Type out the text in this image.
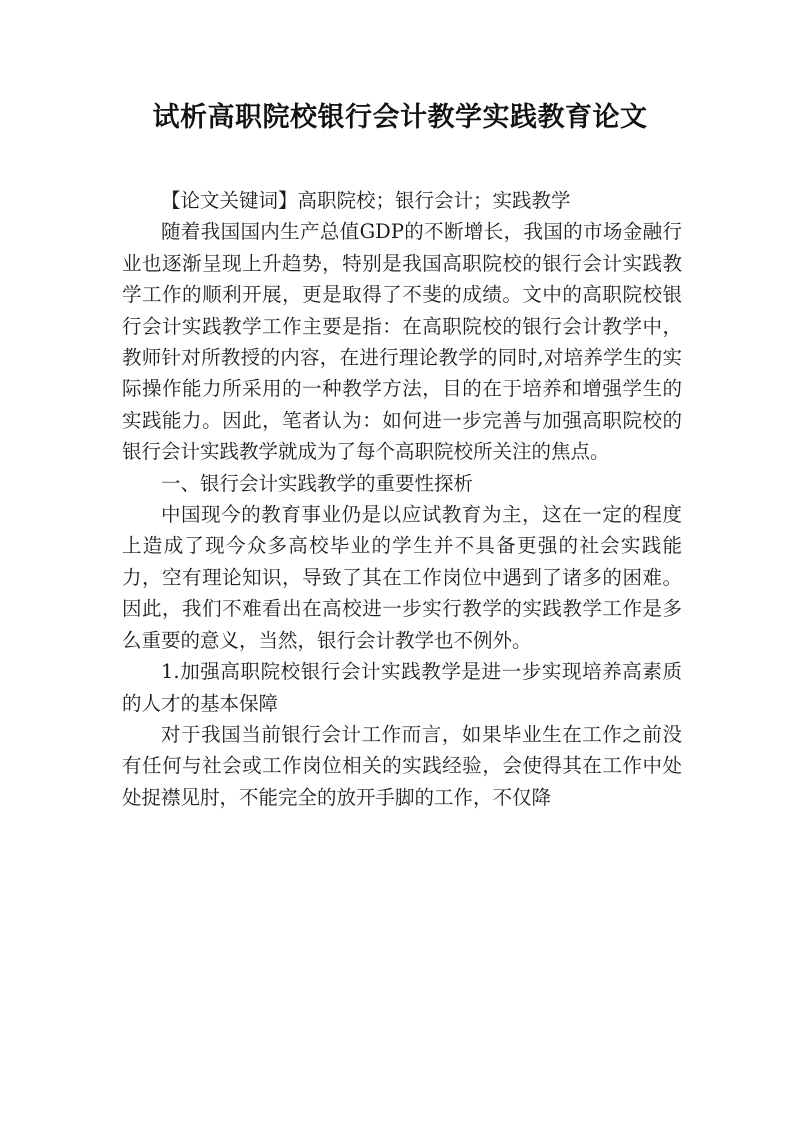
试析高职院校银行会计教学实践教育论文

【论文关键词】高职院校；银行会计；实践教学

随着我国国内生产总值GDP的不断增长，我国的市场金融行业也逐渐呈现上升趋势，特别是我国高职院校的银行会计实践教学工作的顺利开展，更是取得了不斐的成绩。文中的高职院校银行会计实践教学工作主要是指：在高职院校的银行会计教学中，教师针对所教授的内容，在进行理论教学的同时,对培养学生的实际操作能力所采用的一种教学方法，目的在于培养和增强学生的实践能力。因此，笔者认为：如何进一步完善与加强高职院校的银行会计实践教学就成为了每个高职院校所关注的焦点。

一、银行会计实践教学的重要性探析

中国现今的教育事业仍是以应试教育为主，这在一定的程度上造成了现今众多高校毕业的学生并不具备更强的社会实践能力，空有理论知识，导致了其在工作岗位中遇到了诸多的困难。因此，我们不难看出在高校进一步实行教学的实践教学工作是多么重要的意义，当然，银行会计教学也不例外。

1.加强高职院校银行会计实践教学是进一步实现培养高素质的人才的基本保障

对于我国当前银行会计工作而言，如果毕业生在工作之前没有任何与社会或工作岗位相关的实践经验，会使得其在工作中处处捉襟见肘，不能完全的放开手脚的工作，不仅降
